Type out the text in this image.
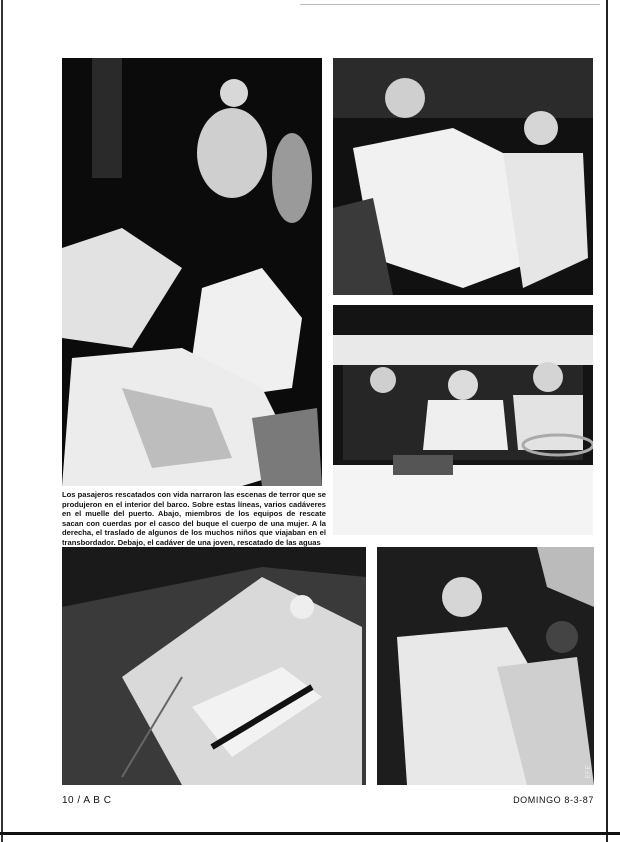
Reuter
EFE

Los pasajeros rescatados con vida narraron las escenas de terror que se produjeron en el interior del barco. Sobre estas líneas, varios cadáveres en el muelle del puerto. Abajo, miembros de los equipos de rescate sacan con cuerdas por el casco del buque el cuerpo de una mujer. A la derecha, el traslado de algunos de los muchos niños que viajaban en el transbordador. Debajo, el cadáver de una joven, rescatado de las aguas

10 / A B C	DOMINGO 8-3-87
